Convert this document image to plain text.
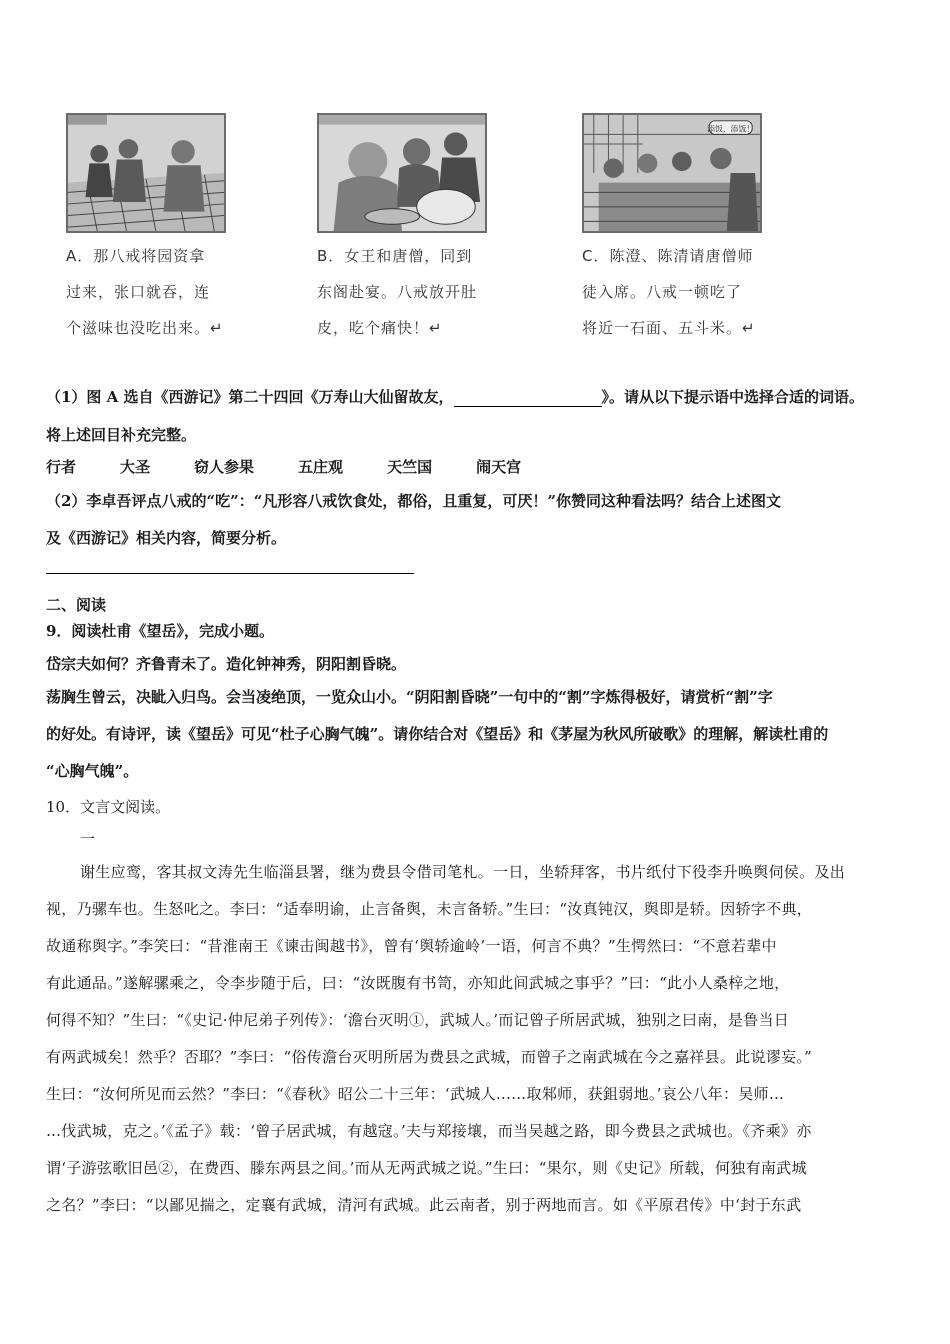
添饭，添饭！
A．那八戒将园资拿
过来，张口就吞，连
个滋味也没吃出来。↵
B．女王和唐僧，同到
东阁赴宴。八戒放开肚
皮，吃个痛快！↵
C．陈澄、陈清请唐僧师
徒入席。八戒一顿吃了
将近一石面、五斗米。↵
（1）图 A 选自《西游记》第二十四回《万寿山大仙留故友，	》。请从以下提示语中选择合适的词语。
将上述回目补充完整。
行者	大圣	窃人参果	五庄观	天竺国	闹天宫
（2）李卓吾评点八戒的“吃”：“凡形容八戒饮食处，都俗，且重复，可厌！”你赞同这种看法吗？结合上述图文
及《西游记》相关内容，简要分析。
二、阅读
9．阅读杜甫《望岳》，完成小题。
岱宗夫如何？齐鲁青未了。造化钟神秀，阴阳割昏晓。
荡胸生曾云，决眦入归鸟。会当凌绝顶，一览众山小。“阴阳割昏晓”一句中的“割”字炼得极好，请赏析“割”字
的好处。有诗评，读《望岳》可见“杜子心胸气魄”。请你结合对《望岳》和《茅屋为秋风所破歌》的理解，解读杜甫的
“心胸气魄”。
10．文言文阅读。
一
谢生应鸾，客其叔文涛先生临淄县署，继为费县令借司笔札。一日，坐轿拜客，书片纸付下役李升唤舆伺侯。及出
视，乃骡车也。生怒叱之。李曰：“适奉明谕，止言备舆，未言备轿。”生曰：“汝真钝汉，舆即是轿。因轿字不典，
故通称舆字。”李笑曰：“昔淮南王《谏击闽越书》，曾有‘舆轿逾岭’一语，何言不典？”生愕然曰：“不意若辈中
有此通品。”遂解骡乘之，令李步随于后，曰：“汝既腹有书笥，亦知此间武城之事乎？”曰：“此小人桑梓之地，
何得不知？”生曰：“《史记·仲尼弟子列传》：‘澹台灭明①，武城人。’而记曾子所居武城，独别之曰南，是鲁当日
有两武城矣！然乎？否耶？”李曰：“俗传澹台灭明所居为费县之武城，而曾子之南武城在今之嘉祥县。此说谬妄。”
生曰：“汝何所见而云然？”李曰：“《春秋》昭公二十三年：‘武城人……取邾师，获鉏弱地。’哀公八年：吴师…
…伐武城，克之。’《孟子》载：‘曾子居武城，有越寇。’夫与郑接壤，而当吴越之路，即今费县之武城也。《齐乘》亦
谓‘子游弦歌旧邑②，在费西、滕东两县之间。’而从无两武城之说。”生曰：“果尔，则《史记》所载，何独有南武城
之名？”李曰：“以鄙见揣之，定襄有武城，清河有武城。此云南者，别于两地而言。如《平原君传》中‘封于东武
